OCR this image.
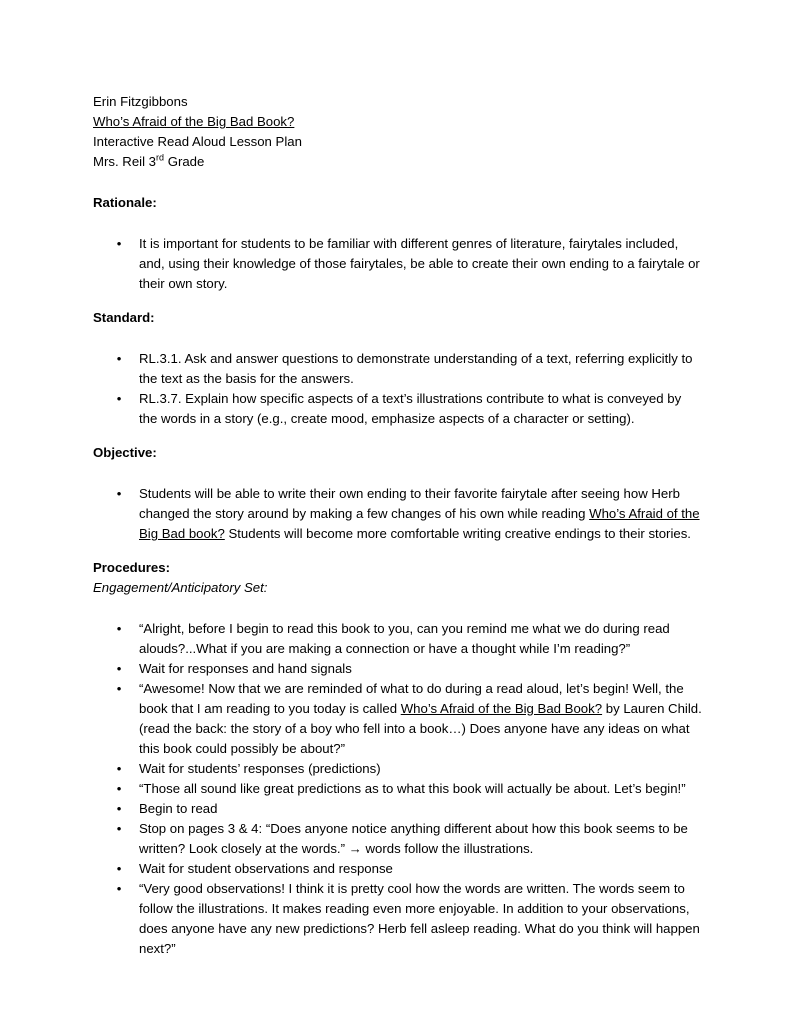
Erin Fitzgibbons
Who’s Afraid of the Big Bad Book?
Interactive Read Aloud Lesson Plan
Mrs. Reil 3rd Grade
Rationale:
• It is important for students to be familiar with different genres of literature, fairytales included, and, using their knowledge of those fairytales, be able to create their own ending to a fairytale or their own story.
Standard:
• RL.3.1. Ask and answer questions to demonstrate understanding of a text, referring explicitly to the text as the basis for the answers.
• RL.3.7. Explain how specific aspects of a text’s illustrations contribute to what is conveyed by the words in a story (e.g., create mood, emphasize aspects of a character or setting).
Objective:
• Students will be able to write their own ending to their favorite fairytale after seeing how Herb changed the story around by making a few changes of his own while reading Who’s Afraid of the Big Bad book? Students will become more comfortable writing creative endings to their stories.
Procedures:
Engagement/Anticipatory Set:
• “Alright, before I begin to read this book to you, can you remind me what we do during read alouds?...What if you are making a connection or have a thought while I’m reading?”
• Wait for responses and hand signals
• “Awesome! Now that we are reminded of what to do during a read aloud, let’s begin! Well, the book that I am reading to you today is called Who’s Afraid of the Big Bad Book? by Lauren Child. (read the back: the story of a boy who fell into a book…) Does anyone have any ideas on what this book could possibly be about?”
• Wait for students’ responses (predictions)
• “Those all sound like great predictions as to what this book will actually be about. Let’s begin!”
• Begin to read
• Stop on pages 3 & 4: “Does anyone notice anything different about how this book seems to be written? Look closely at the words.” → words follow the illustrations.
• Wait for student observations and response
• “Very good observations! I think it is pretty cool how the words are written. The words seem to follow the illustrations. It makes reading even more enjoyable. In addition to your observations, does anyone have any new predictions? Herb fell asleep reading. What do you think will happen next?”
